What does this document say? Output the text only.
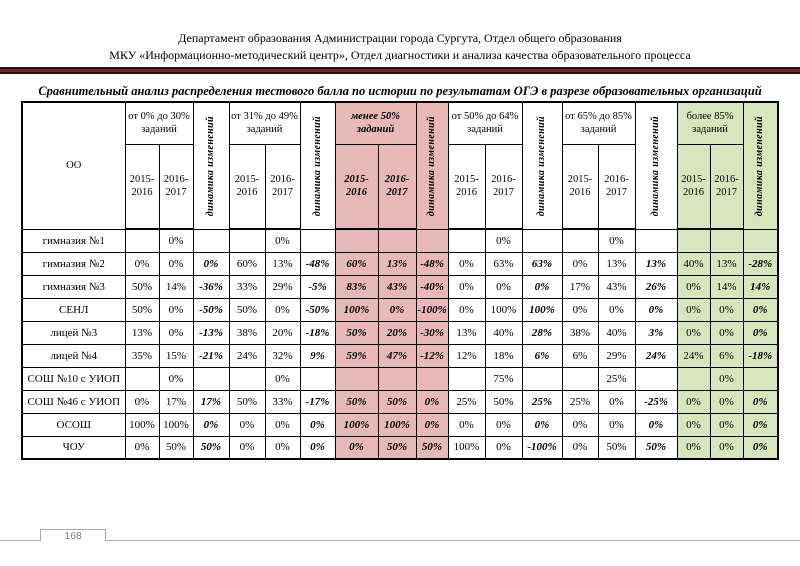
Департамент образования Администрации города Сургута, Отдел общего образования
МКУ «Информационно-методический центр», Отдел диагностики и анализа качества образовательного процесса
Сравнительный анализ распределения тестового балла по истории по результатам ОГЭ в разрезе образовательных организаций
ОО	от 0% до 30% заданий		динамика изменений	от 31% до 49% заданий		динамика изменений	менее 50% заданий		динамика изменений	от 50% до 64% заданий		динамика изменений	от 65% до 85% заданий		динамика изменений	более 85% заданий		динамика изменений

	2015-2016	2016-2017		2015-2016	2016-2017		2015-2016	2016-2017		2015-2016	2016-2017		2015-2016	2016-2017		2015-2016	2016-2017	
гимназия №1		0%			0%						0%			0%				
гимназия №2	0%	0%	0%	60%	13%	-48%	60%	13%	-48%	0%	63%	63%	0%	13%	13%	40%	13%	-28%
гимназия №3	50%	14%	-36%	33%	29%	-5%	83%	43%	-40%	0%	0%	0%	17%	43%	26%	0%	14%	14%
СЕНЛ	50%	0%	-50%	50%	0%	-50%	100%	0%	-100%	0%	100%	100%	0%	0%	0%	0%	0%	0%
лицей №3	13%	0%	-13%	38%	20%	-18%	50%	20%	-30%	13%	40%	28%	38%	40%	3%	0%	0%	0%
лицей №4	35%	15%	-21%	24%	32%	9%	59%	47%	-12%	12%	18%	6%	6%	29%	24%	24%	6%	-18%
СОШ №10 с УИОП		0%			0%						75%			25%			0%	
СОШ №46 с УИОП	0%	17%	17%	50%	33%	-17%	50%	50%	0%	25%	50%	25%	25%	0%	-25%	0%	0%	0%
ОСОШ	100%	100%	0%	0%	0%	0%	100%	100%	0%	0%	0%	0%	0%	0%	0%	0%	0%	0%
ЧОУ	0%	50%	50%	0%	0%	0%	0%	50%	50%	100%	0%	-100%	0%	50%	50%	0%	0%	0%
168
